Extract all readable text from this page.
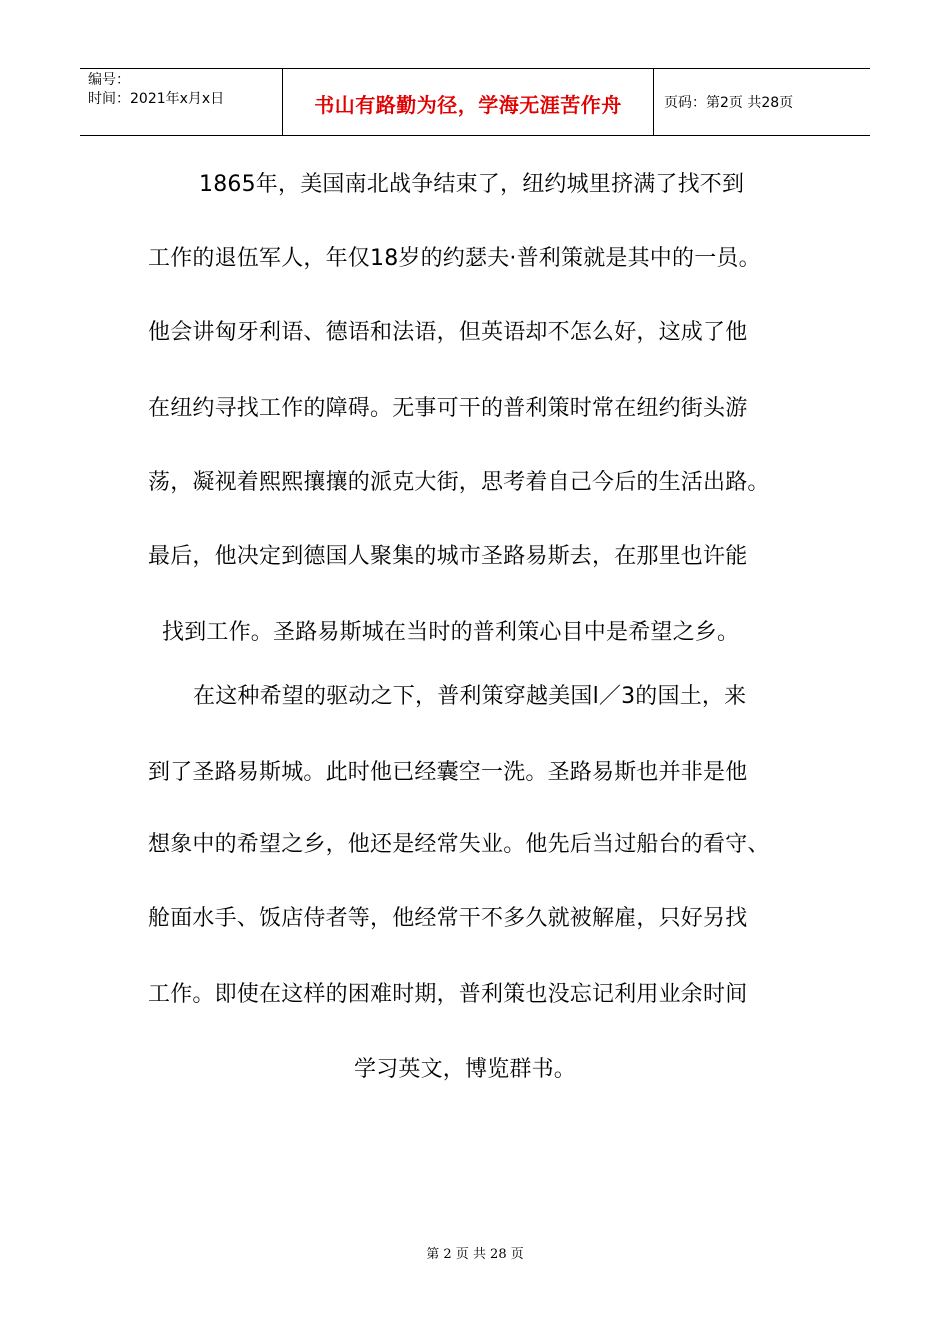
编号：
时间：2021年x月x日	书山有路勤为径，学海无涯苦作舟	页码：第2页 共28页
1865年，美国南北战争结束了，纽约城里挤满了找不到
工作的退伍军人，年仅18岁的约瑟夫·普利策就是其中的一员。
他会讲匈牙利语、德语和法语，但英语却不怎么好，这成了他
在纽约寻找工作的障碍。无事可干的普利策时常在纽约街头游
荡，凝视着熙熙攘攘的派克大街，思考着自己今后的生活出路。
最后，他决定到德国人聚集的城市圣路易斯去，在那里也许能
找到工作。圣路易斯城在当时的普利策心目中是希望之乡。
在这种希望的驱动之下，普利策穿越美国l／3的国土，来
到了圣路易斯城。此时他已经囊空一洗。圣路易斯也并非是他
想象中的希望之乡，他还是经常失业。他先后当过船台的看守、
舱面水手、饭店侍者等，他经常干不多久就被解雇，只好另找
工作。即使在这样的困难时期，普利策也没忘记利用业余时间
学习英文，博览群书。
第 2 页 共 28 页
